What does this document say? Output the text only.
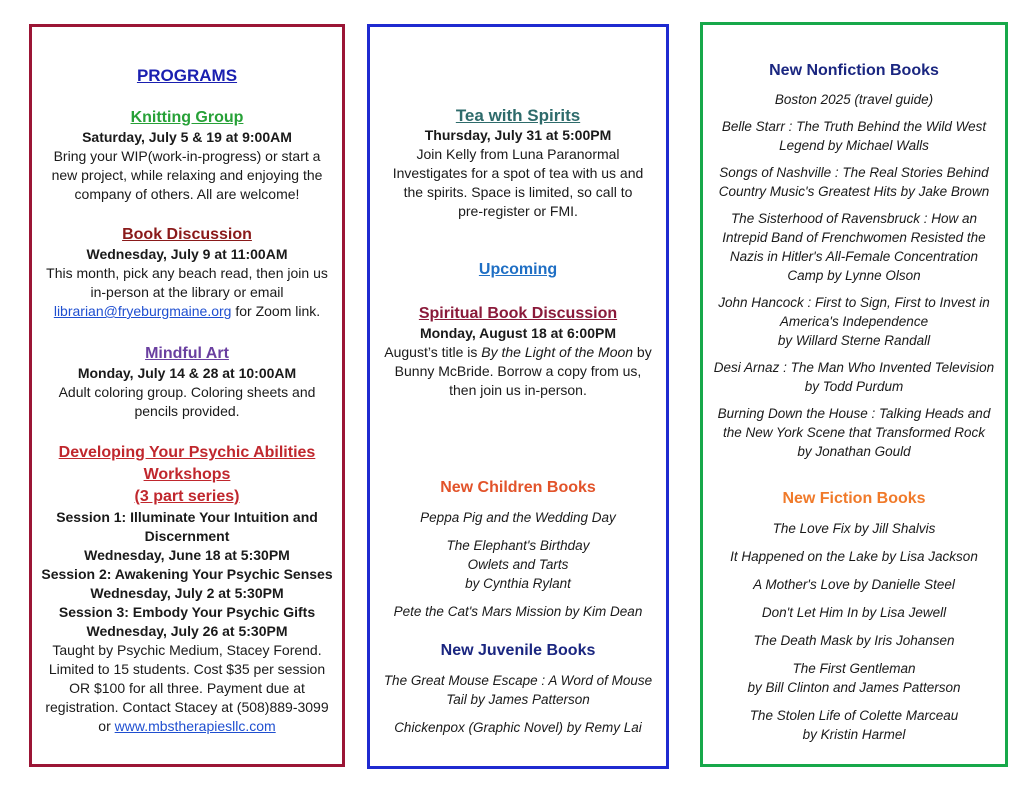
PROGRAMS

Knitting Group

Saturday, July 5 & 19 at 9:00AM

Bring your WIP(work-in-progress) or start a

new project, while relaxing and enjoying the

company of others. All are welcome!

Book Discussion

Wednesday, July 9 at 11:00AM

This month, pick any beach read, then join us

in-person at the library or email

librarian@fryeburgmaine.org for Zoom link.

Mindful Art

Monday, July 14 & 28 at 10:00AM

Adult coloring group. Coloring sheets and

pencils provided.

Developing Your Psychic Abilities

Workshops

(3 part series)

Session 1: Illuminate Your Intuition and

Discernment

Wednesday, June 18 at 5:30PM

Session 2: Awakening Your Psychic Senses

Wednesday, July 2 at 5:30PM

Session 3: Embody Your Psychic Gifts

Wednesday, July 26 at 5:30PM

Taught by Psychic Medium, Stacey Forend.

Limited to 15 students. Cost $35 per session

OR $100 for all three. Payment due at

registration. Contact Stacey at (508)889-3099

or www.mbstherapiesllc.com

Tea with Spirits

Thursday, July 31 at 5:00PM

Join Kelly from Luna Paranormal

Investigates for a spot of tea with us and

the spirits. Space is limited, so call to

pre-register or FMI.

Upcoming

Spiritual Book Discussion

Monday, August 18 at 6:00PM

August’s title is By the Light of the Moon by

Bunny McBride. Borrow a copy from us,

then join us in-person.

New Children Books

Peppa Pig and the Wedding Day

The Elephant's Birthday

Owlets and Tarts

by Cynthia Rylant

Pete the Cat's Mars Mission by Kim Dean

New Juvenile Books

The Great Mouse Escape : A Word of Mouse

Tail by James Patterson

Chickenpox (Graphic Novel) by Remy Lai

New Nonfiction Books

Boston 2025 (travel guide)

Belle Starr : The Truth Behind the Wild West

Legend by Michael Walls

Songs of Nashville : The Real Stories Behind

Country Music's Greatest Hits by Jake Brown

The Sisterhood of Ravensbruck : How an

Intrepid Band of Frenchwomen Resisted the

Nazis in Hitler's All-Female Concentration

Camp by Lynne Olson

John Hancock : First to Sign, First to Invest in

America's Independence

by Willard Sterne Randall

Desi Arnaz : The Man Who Invented Television

by Todd Purdum

Burning Down the House : Talking Heads and

the New York Scene that Transformed Rock

by Jonathan Gould

New Fiction Books

The Love Fix by Jill Shalvis

It Happened on the Lake by Lisa Jackson

A Mother's Love by Danielle Steel

Don't Let Him In by Lisa Jewell

The Death Mask by Iris Johansen

The First Gentleman

by Bill Clinton and James Patterson

The Stolen Life of Colette Marceau

by Kristin Harmel
